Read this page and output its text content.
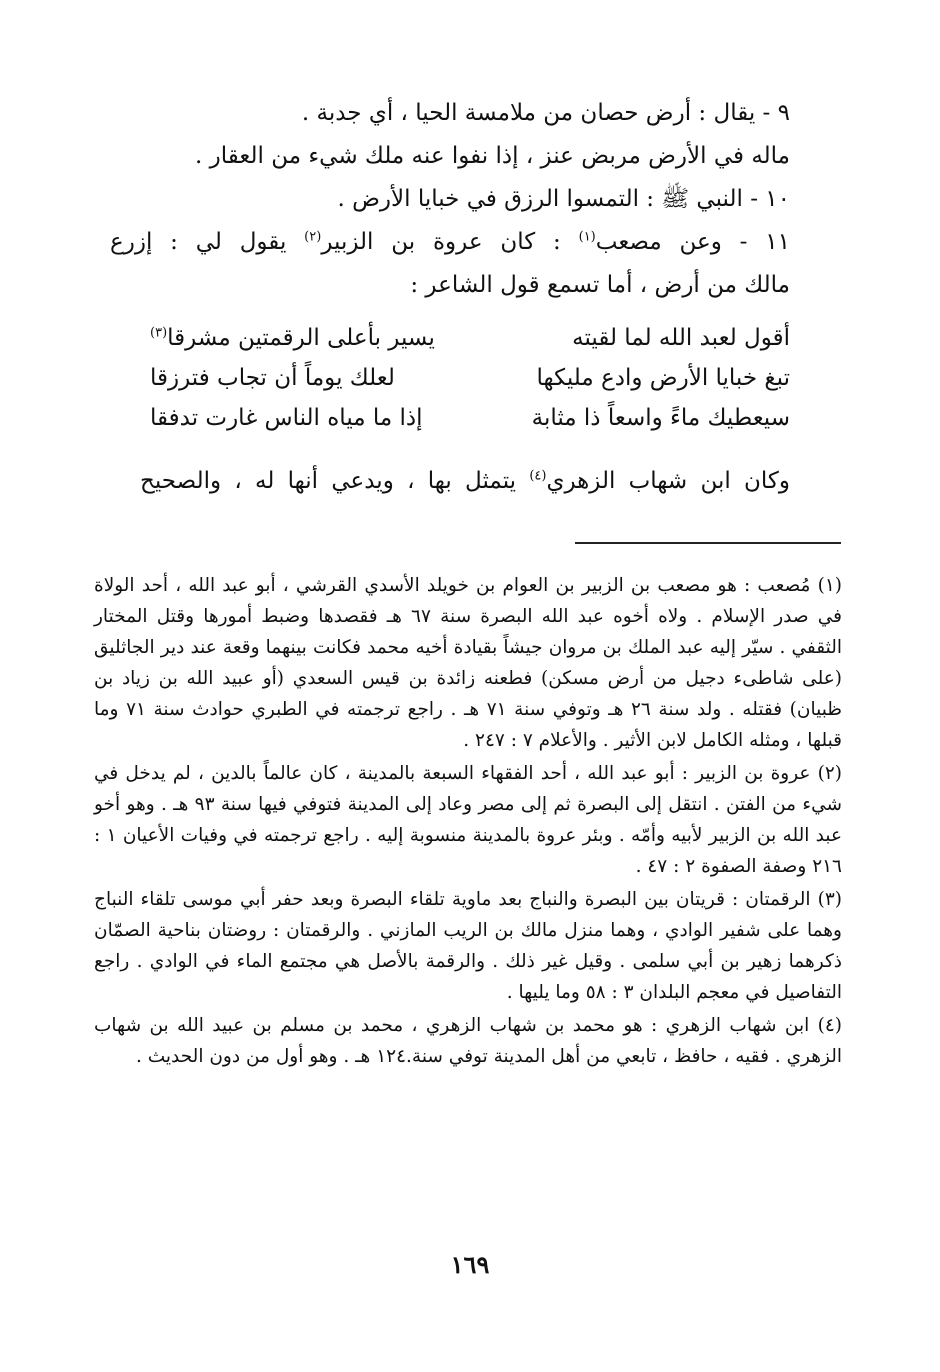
٩ - يقال : أرض حصان من ملامسة الحيا ، أي جدبة .
ماله في الأرض مربض عنز ، إذا نفوا عنه ملك شيء من العقار .
١٠ - النبي ﷺ : التمسوا الرزق في خبايا الأرض .
١١ - وعن مصعب$^{(١)}$ : كان عروة بن الزبير$^{(٢)}$ يقول لي : إزرع
مالك من أرض ، أما تسمع قول الشاعر :
أقول لعبد الله لما لقيته
يسير بأعلى الرقمتين مشرقا$^{(٣)}$
تبغ خبايا الأرض وادع مليكها
لعلك يوماً أن تجاب فترزقا
سيعطيك ماءً واسعاً ذا مثابة
إذا ما مياه الناس غارت تدفقا
وكان ابن شهاب الزهري$^{(٤)}$ يتمثل بها ، ويدعي أنها له ، والصحيح
(١) مُصعب : هو مصعب بن الزبير بن العوام بن خويلد الأسدي القرشي ، أبو عبد الله ، أحد الولاة في صدر الإسلام . ولاه أخوه عبد الله البصرة سنة ٦٧ هـ فقصدها وضبط أمورها وقتل المختار الثقفي . سيّر إليه عبد الملك بن مروان جيشاً بقيادة أخيه محمد فكانت بينهما وقعة عند دير الجاثليق (على شاطىء دجيل من أرض مسكن) فطعنه زائدة بن قيس السعدي (أو عبيد الله بن زياد بن ظبيان) فقتله . ولد سنة ٢٦ هـ وتوفي سنة ٧١ هـ . راجع ترجمته في الطبري حوادث سنة ٧١ وما قبلها ، ومثله الكامل لابن الأثير . والأعلام ٧ : ٢٤٧ .
(٢) عروة بن الزبير : أبو عبد الله ، أحد الفقهاء السبعة بالمدينة ، كان عالماً بالدين ، لم يدخل في شيء من الفتن . انتقل إلى البصرة ثم إلى مصر وعاد إلى المدينة فتوفي فيها سنة ٩٣ هـ . وهو أخو عبد الله بن الزبير لأبيه وأمّه . وبئر عروة بالمدينة منسوبة إليه . راجع ترجمته في وفيات الأعيان ١ : ٢١٦ وصفة الصفوة ٢ : ٤٧ .
(٣) الرقمتان : قريتان بين البصرة والنباج بعد ماوية تلقاء البصرة وبعد حفر أبي موسى تلقاء النباج وهما على شفير الوادي ، وهما منزل مالك بن الريب المازني . والرقمتان : روضتان بناحية الصمّان ذكرهما زهير بن أبي سلمى . وقيل غير ذلك . والرقمة بالأصل هي مجتمع الماء في الوادي . راجع التفاصيل في معجم البلدان ٣ : ٥٨ وما يليها .
(٤) ابن شهاب الزهري : هو محمد بن شهاب الزهري ، محمد بن مسلم بن عبيد الله بن شهاب الزهري . فقيه ، حافظ ، تابعي من أهل المدينة توفي سنة.١٢٤ هـ . وهو أول من دون الحديث .
١٦٩
